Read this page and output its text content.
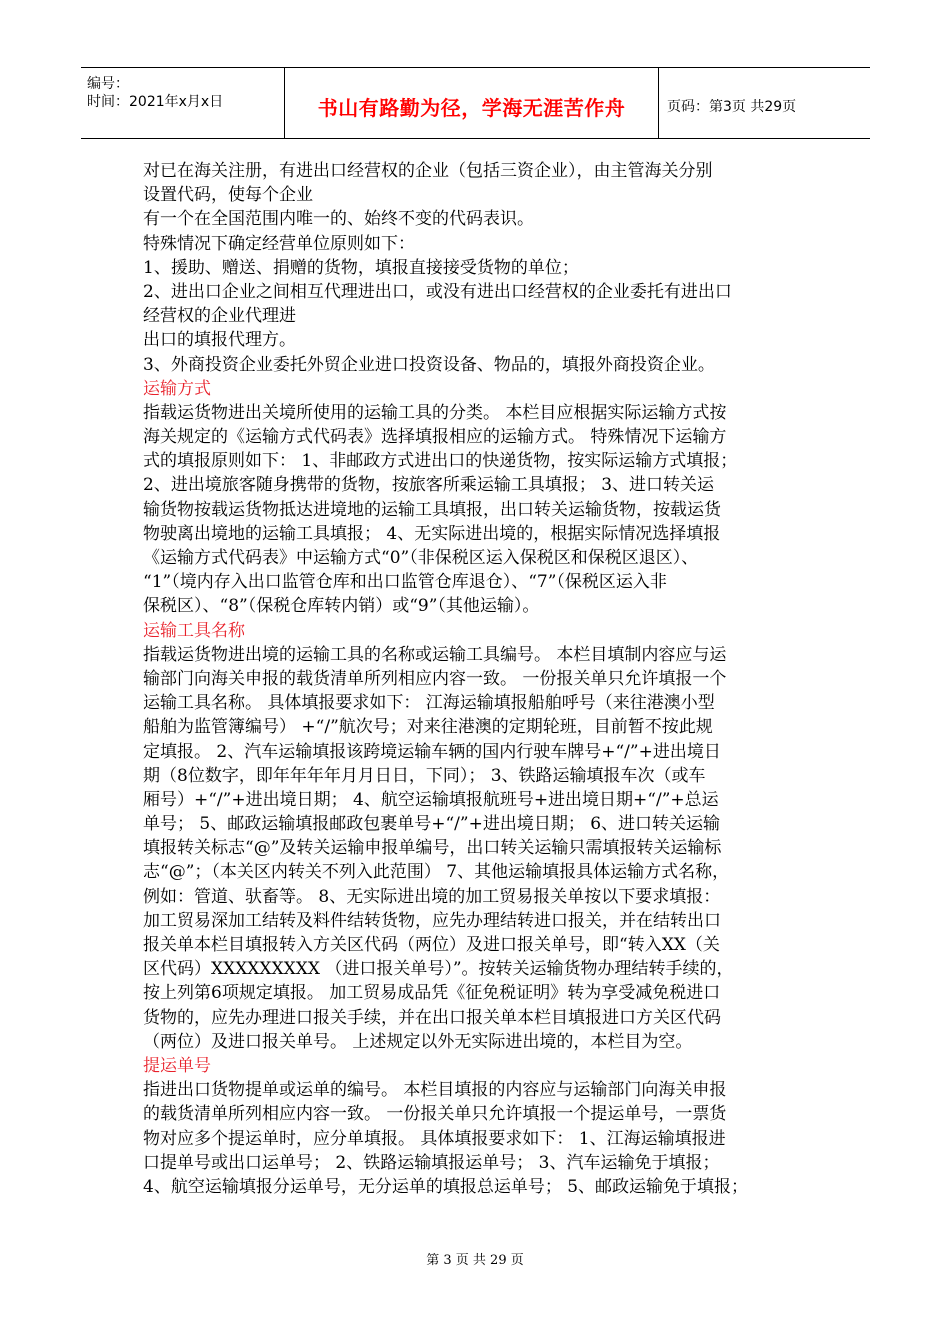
编号：
时间：2021年x月x日	书山有路勤为径，学海无涯苦作舟	页码：第3页 共29页
对已在海关注册，有进出口经营权的企业（包括三资企业），由主管海关分别
设置代码，使每个企业
有一个在全国范围内唯一的、始终不变的代码表识。
特殊情况下确定经营单位原则如下：
1、援助、赠送、捐赠的货物，填报直接接受货物的单位；
2、进出口企业之间相互代理进出口，或没有进出口经营权的企业委托有进出口
经营权的企业代理进
出口的填报代理方。
3、外商投资企业委托外贸企业进口投资设备、物品的，填报外商投资企业。
运输方式
指载运货物进出关境所使用的运输工具的分类。 本栏目应根据实际运输方式按
海关规定的《运输方式代码表》选择填报相应的运输方式。 特殊情况下运输方
式的填报原则如下： 1、非邮政方式进出口的快递货物，按实际运输方式填报；
2、进出境旅客随身携带的货物，按旅客所乘运输工具填报； 3、进口转关运
输货物按载运货物抵达进境地的运输工具填报，出口转关运输货物，按载运货
物驶离出境地的运输工具填报； 4、无实际进出境的，根据实际情况选择填报
《运输方式代码表》中运输方式“0”（非保税区运入保税区和保税区退区）、
“1”（境内存入出口监管仓库和出口监管仓库退仓）、“7”（保税区运入非
保税区）、“8”（保税仓库转内销）或“9”（其他运输）。
运输工具名称
指载运货物进出境的运输工具的名称或运输工具编号。 本栏目填制内容应与运
输部门向海关申报的载货清单所列相应内容一致。 一份报关单只允许填报一个
运输工具名称。 具体填报要求如下： 江海运输填报船舶呼号（来往港澳小型
船舶为监管簿编号） +“/”航次号；对来往港澳的定期轮班，目前暂不按此规
定填报。 2、汽车运输填报该跨境运输车辆的国内行驶车牌号+“/”+进出境日
期（8位数字，即年年年年月月日日，下同）； 3、铁路运输填报车次（或车
厢号）+“/”+进出境日期； 4、航空运输填报航班号+进出境日期+“/”+总运
单号； 5、邮政运输填报邮政包裹单号+“/”+进出境日期； 6、进口转关运输
填报转关标志“@”及转关运输申报单编号，出口转关运输只需填报转关运输标
志“@”；（本关区内转关不列入此范围） 7、其他运输填报具体运输方式名称，
例如：管道、驮畜等。 8、无实际进出境的加工贸易报关单按以下要求填报：
加工贸易深加工结转及料件结转货物，应先办理结转进口报关，并在结转出口
报关单本栏目填报转入方关区代码（两位）及进口报关单号，即“转入XX（关
区代码）XXXXXXXXX （进口报关单号）”。按转关运输货物办理结转手续的，
按上列第6项规定填报。 加工贸易成品凭《征免税证明》转为享受减免税进口
货物的，应先办理进口报关手续，并在出口报关单本栏目填报进口方关区代码
（两位）及进口报关单号。 上述规定以外无实际进出境的，本栏目为空。
提运单号
指进出口货物提单或运单的编号。 本栏目填报的内容应与运输部门向海关申报
的载货清单所列相应内容一致。 一份报关单只允许填报一个提运单号，一票货
物对应多个提运单时，应分单填报。 具体填报要求如下： 1、江海运输填报进
口提单号或出口运单号； 2、铁路运输填报运单号； 3、汽车运输免于填报；
4、航空运输填报分运单号，无分运单的填报总运单号； 5、邮政运输免于填报；
第 3 页 共 29 页
